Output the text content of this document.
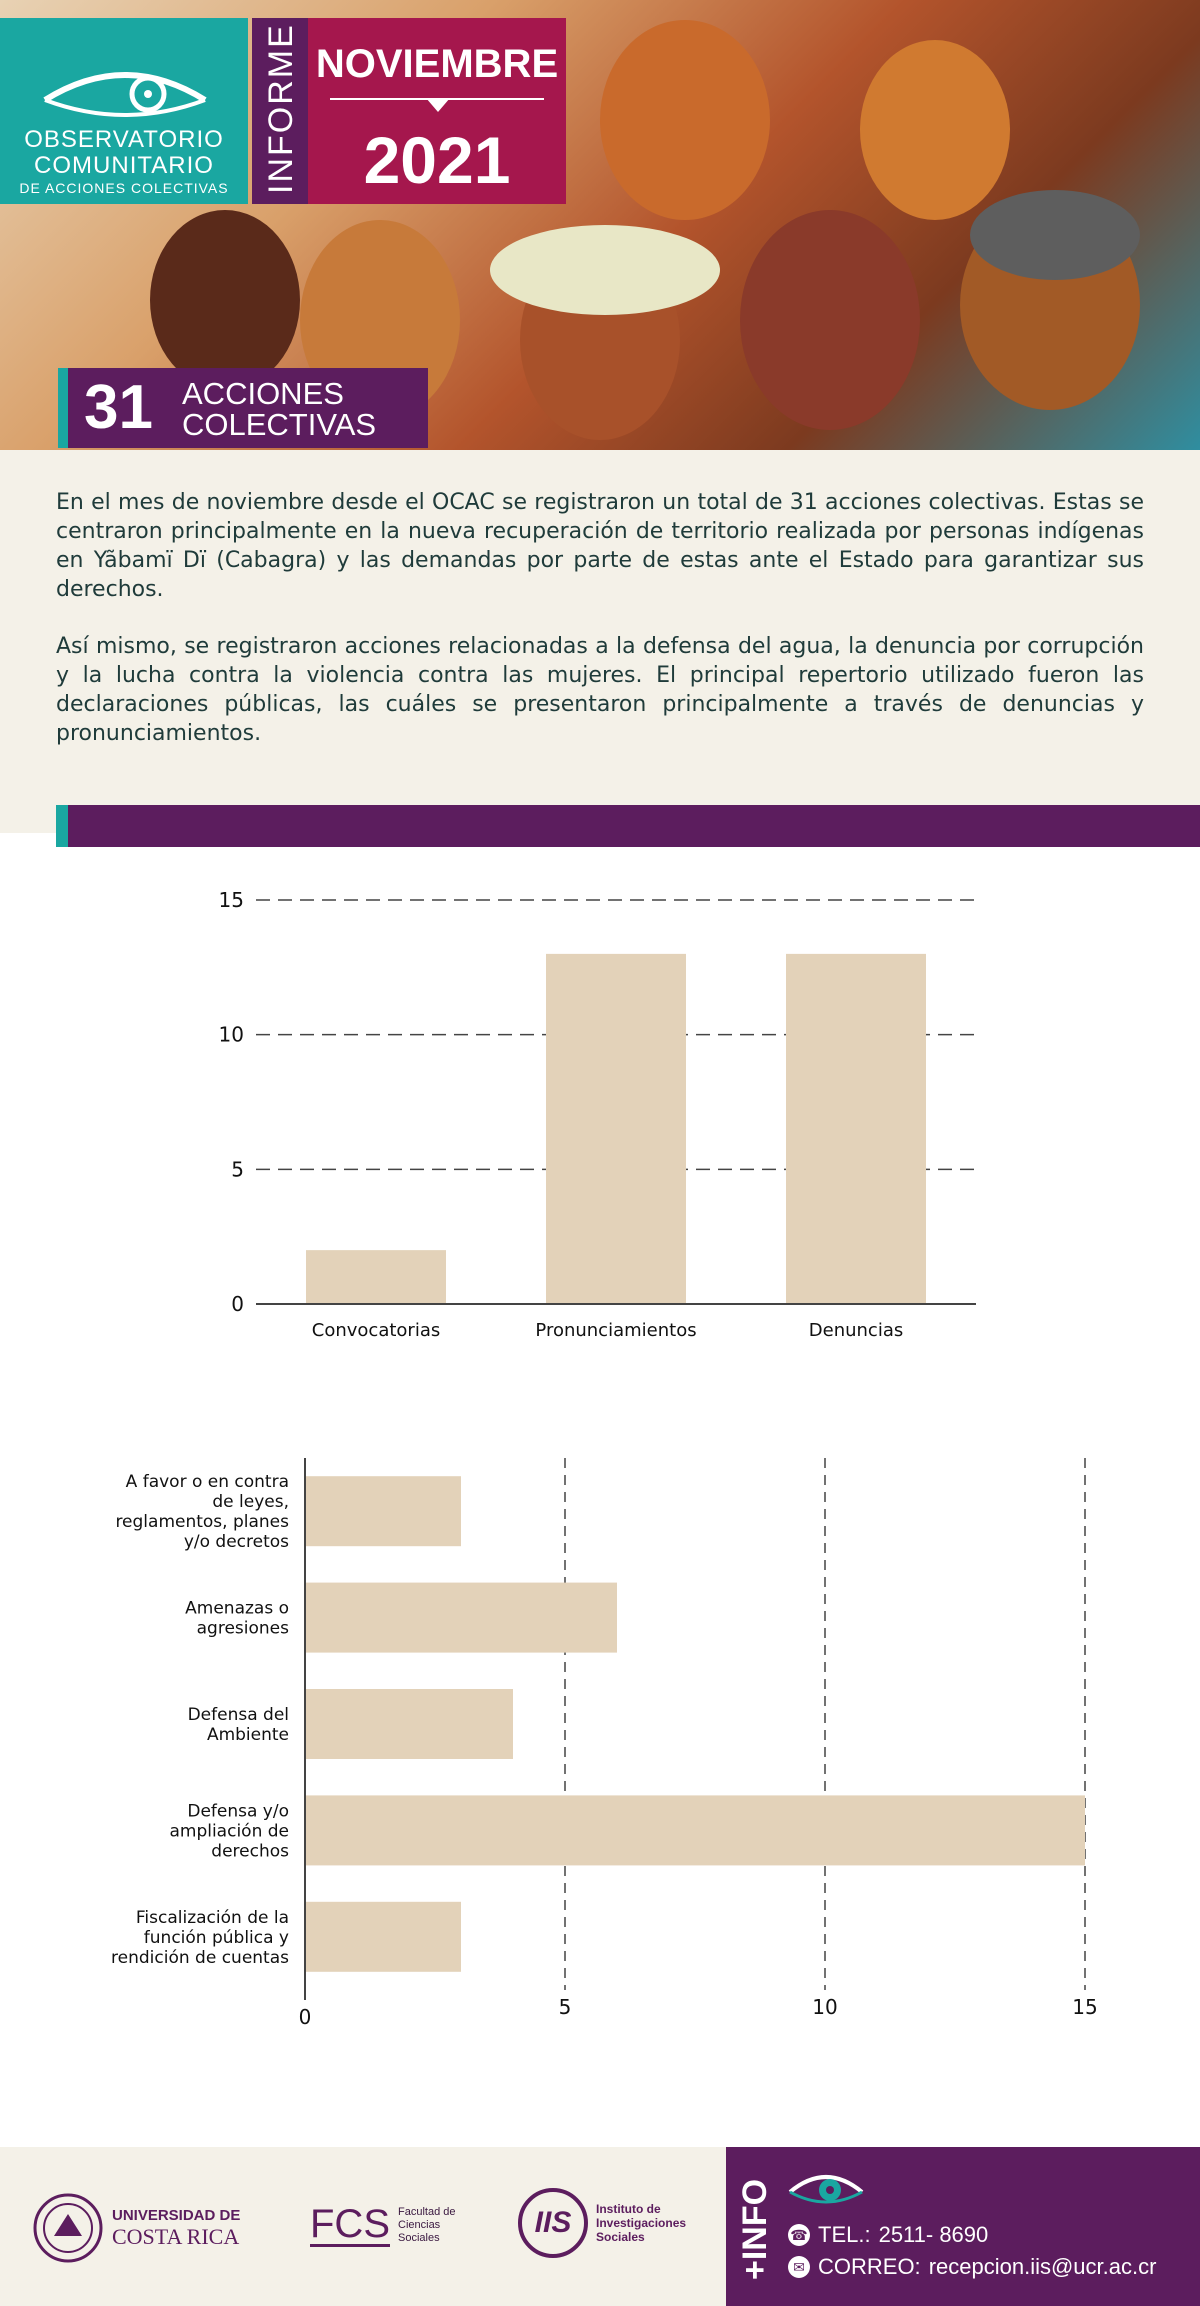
OBSERVATORIO
COMUNITARIO
DE ACCIONES COLECTIVAS INFORME NOVIEMBRE
2021
31 ACCIONES
COLECTIVAS

En el mes de noviembre desde el OCAC se registraron un total de 31 acciones colectivas. Estas se centraron principalmente en la nueva recuperación de territorio realizada por personas indígenas en Yãbamï Dï (Cabagra) y las demandas por parte de estas ante el Estado para garantizar sus derechos.

Así mismo, se registraron acciones relacionadas a la defensa del agua, la denuncia por corrupción y la lucha contra la violencia contra las mujeres. El principal repertorio utilizado fueron las declaraciones públicas, las cuáles se presentaron principalmente a través de denuncias y pronunciamientos.

0
5
10
15
Convocatorias	Pronunciamientos	Denuncias
0	5	10	15
A favor o en contra de leyes, reglamentos, planes y/o decretos
Amenazas o agresiones
Defensa del Ambiente
Defensa y/o ampliación de derechos
Fiscalización de la función pública y rendición de cuentas
UNIVERSIDAD DE
COSTA RICA FCS Facultad de
Ciencias
Sociales	IIS	Instituto de
Investigaciones
Sociales	+INFO ☎ TEL.: 2511- 8690
✉ CORREO: recepcion.iis@ucr.ac.cr
